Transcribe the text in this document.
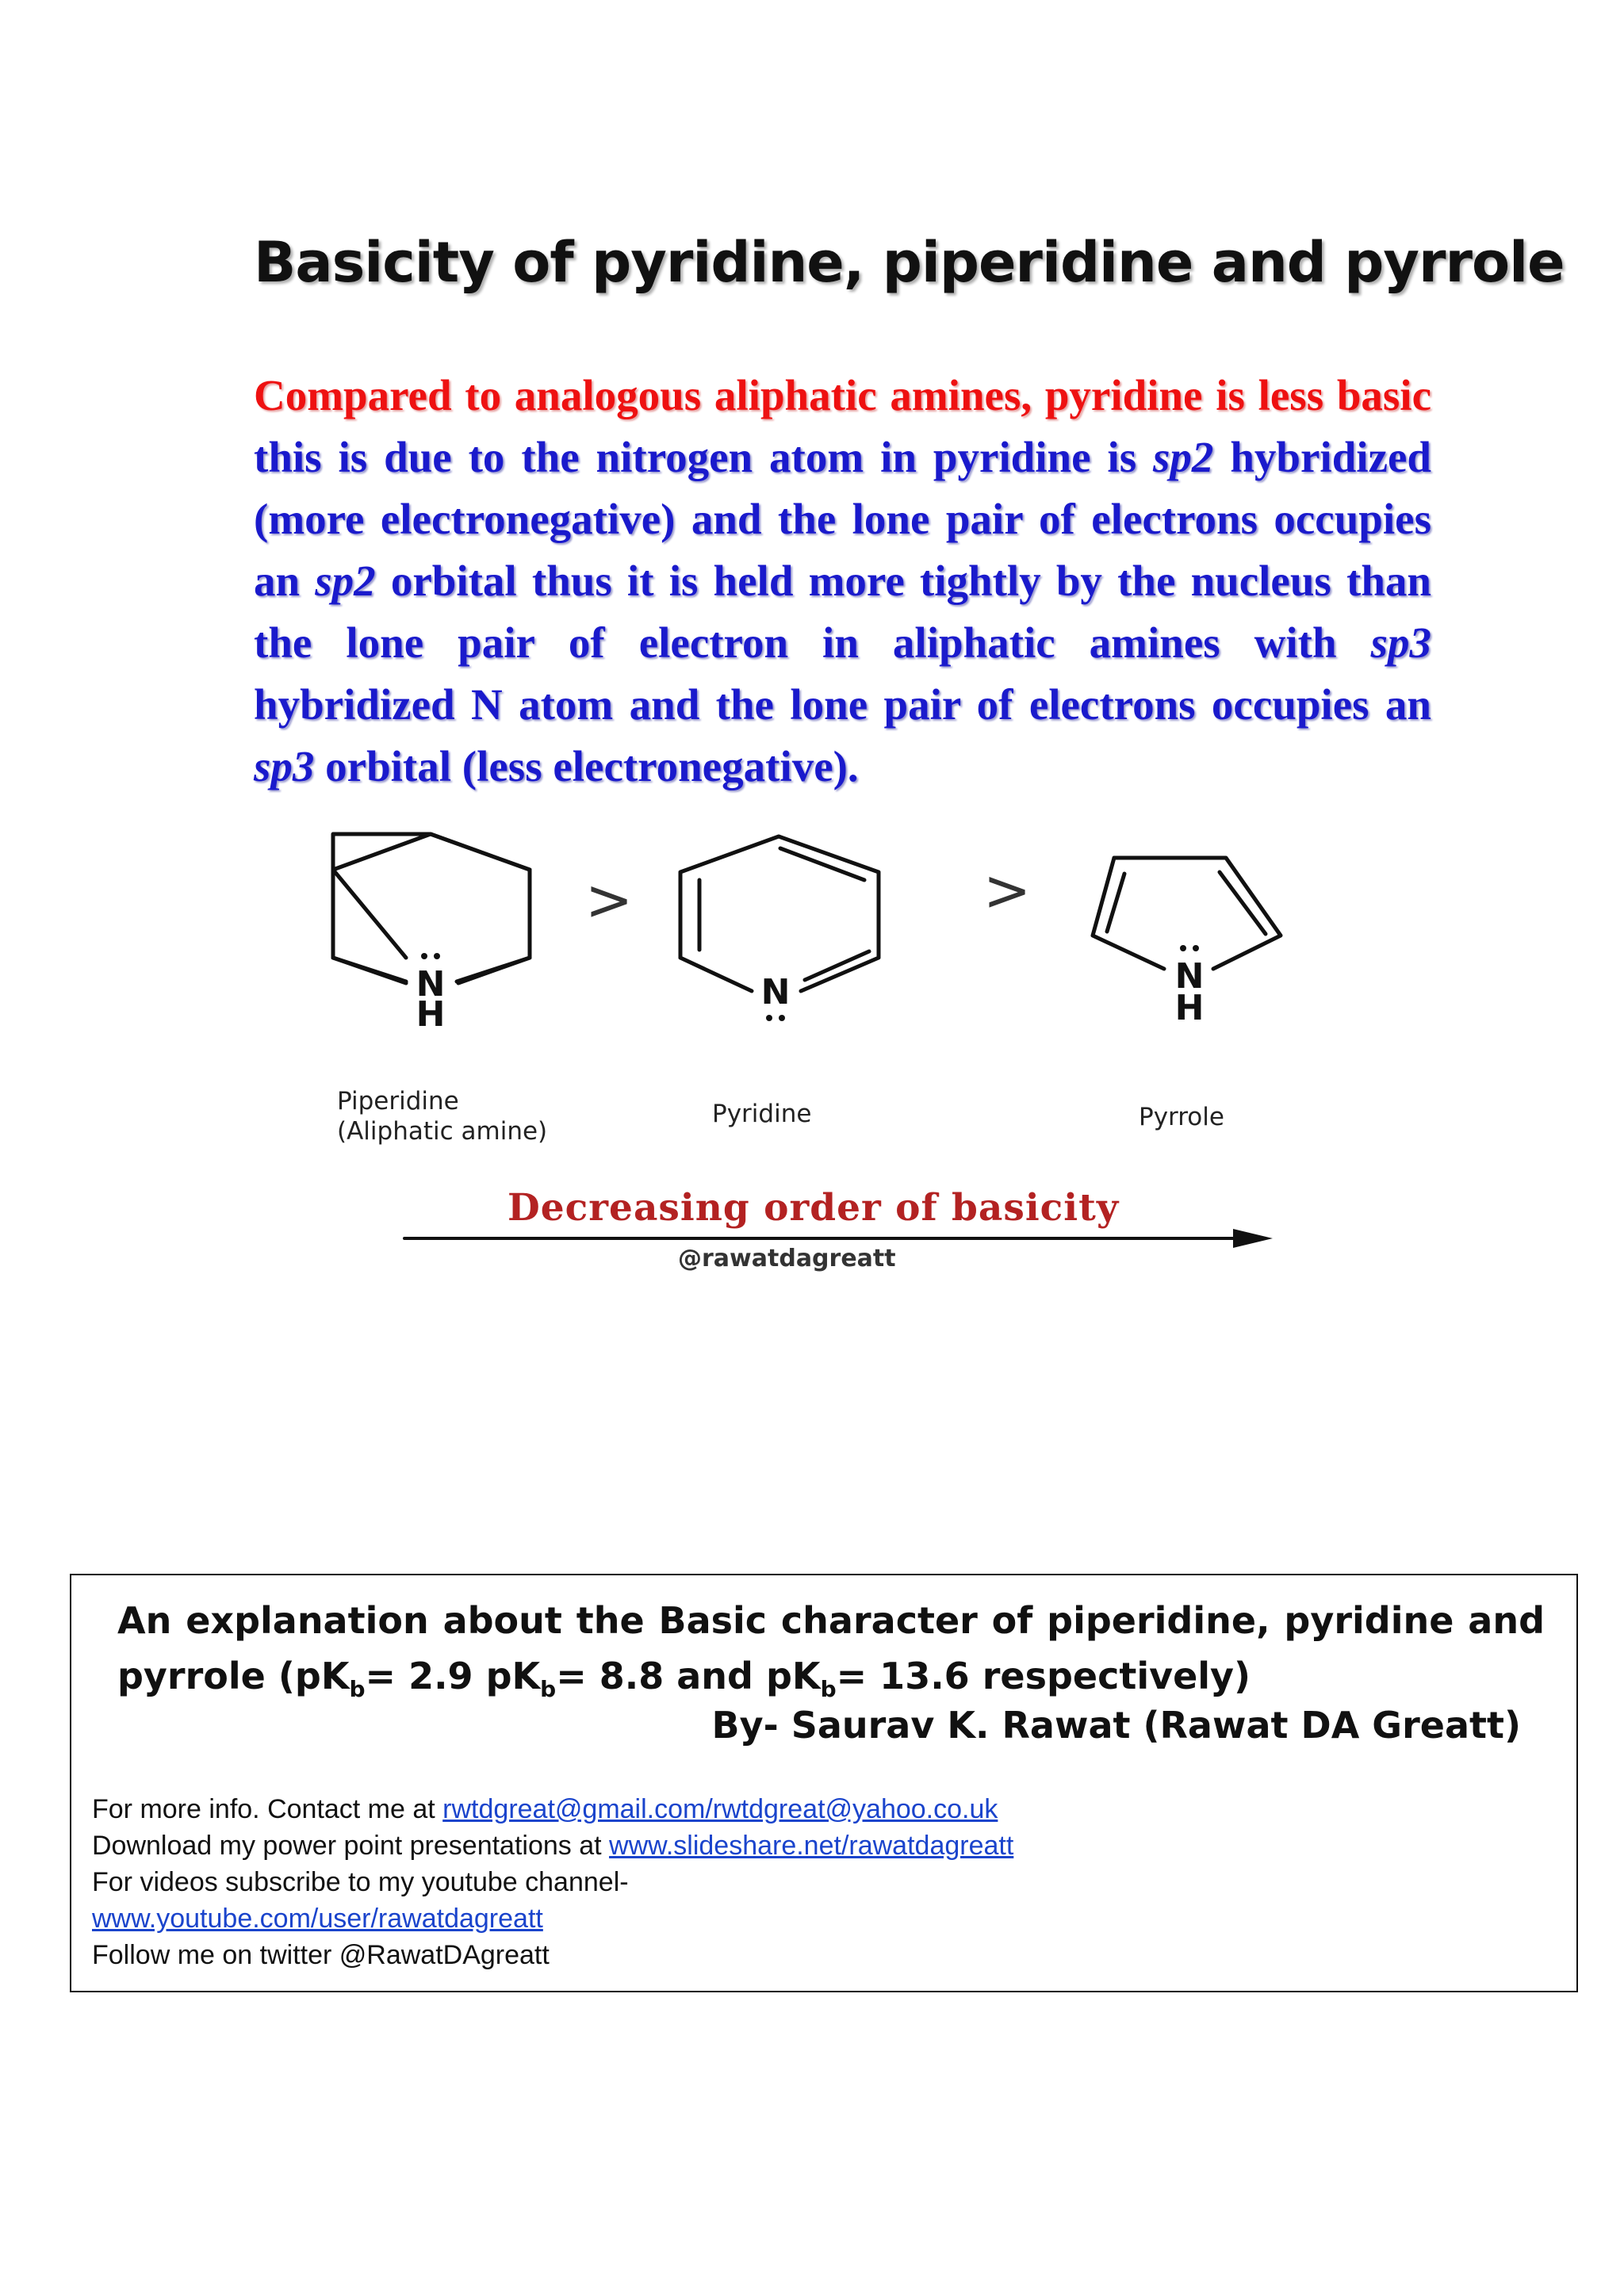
Basicity of pyridine, piperidine and pyrrole
Compared to analogous aliphatic amines, pyridine is less basic this is due to the nitrogen atom in pyridine is sp2 hybridized (more electronegative) and the lone pair of electrons occupies an sp2 orbital thus it is held more tightly by the nucleus than the lone pair of electron in aliphatic amines with sp3 hybridized N atom and the lone pair of electrons occupies an sp3 orbital (less electronegative).
N
H
N	N
H
>	>
Piperidine
(Aliphatic amine)
Pyridine	Pyrrole
Decreasing order of basicity
@rawatdagreatt
An explanation about the Basic character of piperidine, pyridine and pyrrole ($pK_b= 2.9$ $pK_b= 8.8$ and $pK_b= 13.6$ respectively)
By- Saurav K. Rawat (Rawat DA Greatt)
For more info. Contact me at rwtdgreat@gmail.com/rwtdgreat@yahoo.co.uk
Download my power point presentations at www.slideshare.net/rawatdagreatt
For videos subscribe to my youtube channel-
www.youtube.com/user/rawatdagreatt
Follow me on twitter @RawatDAgreatt
